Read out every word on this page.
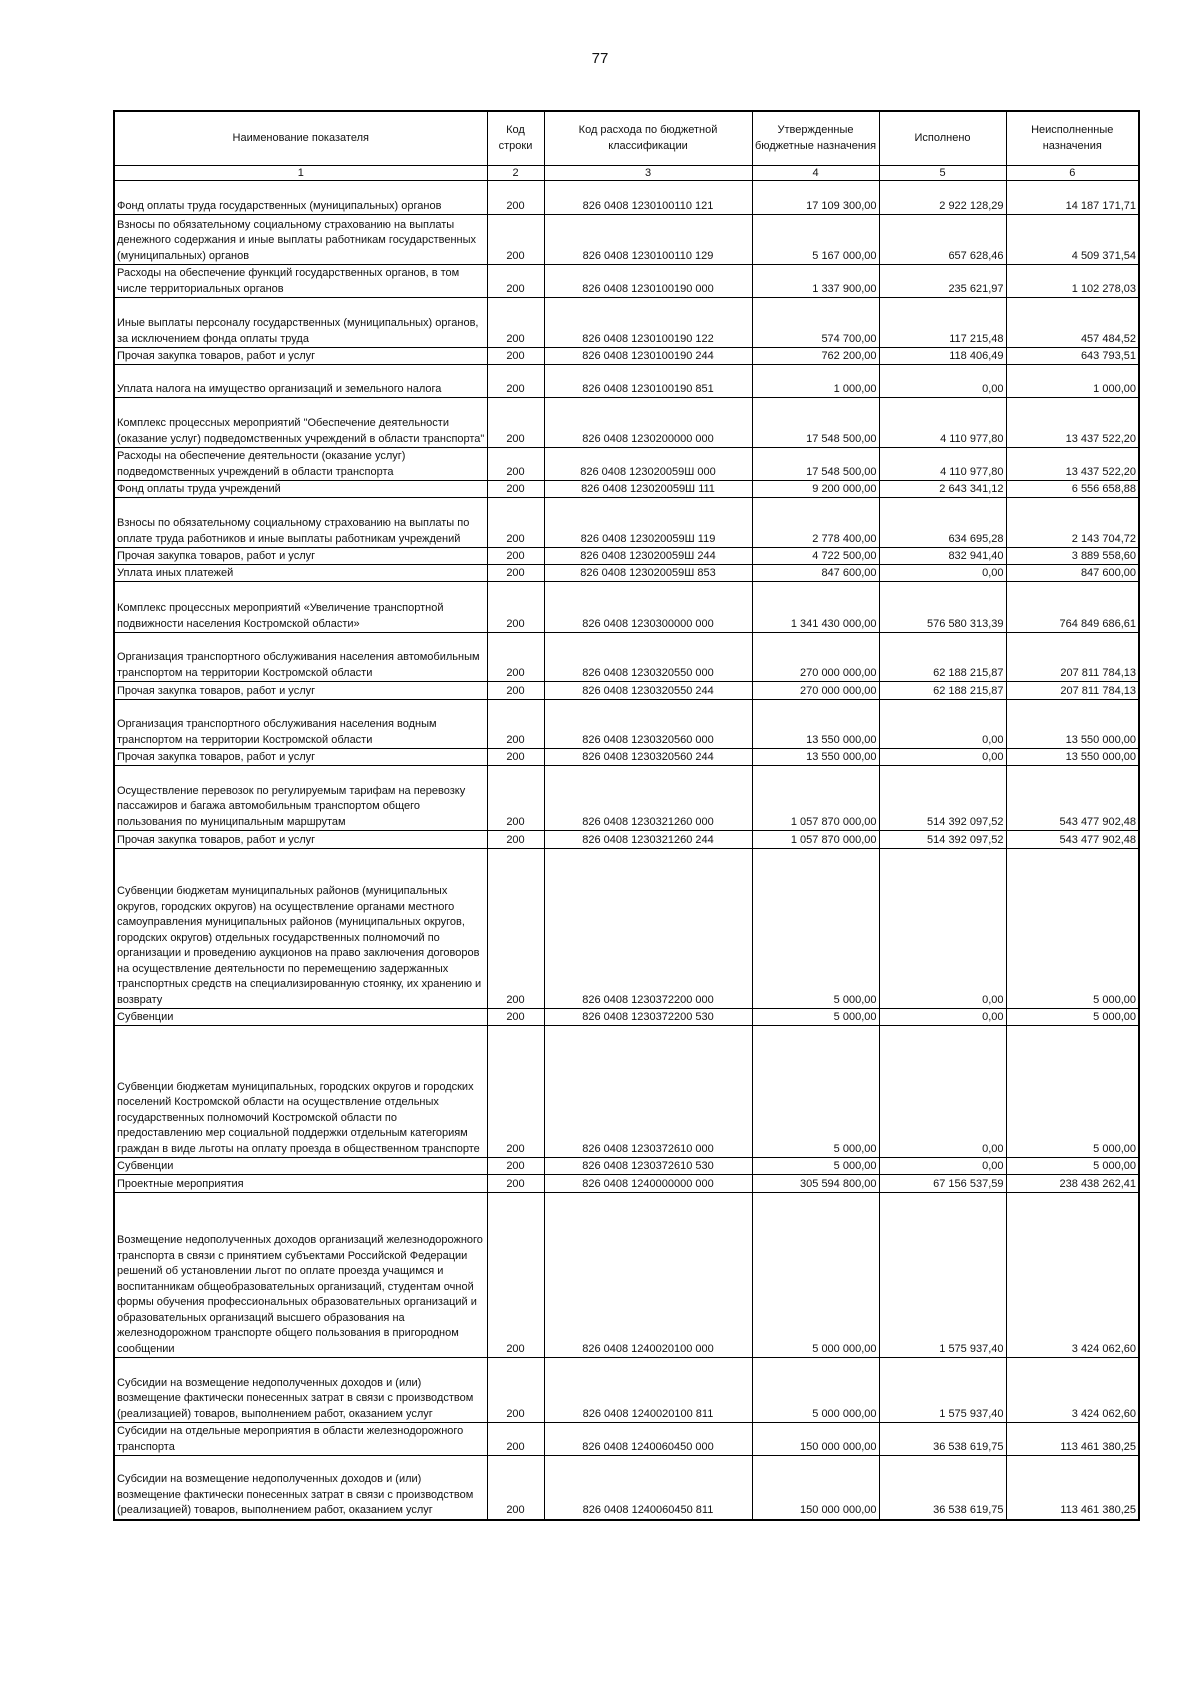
77
Наименование показателя	Код строки	Код расхода по бюджетной классификации	Утвержденные бюджетные назначения	Исполнено	Неисполненные назначения
1	2	3	4	5	6
Фонд оплаты труда государственных (муниципальных) органов	200	826 0408 1230100110 121	17 109 300,00	2 922 128,29	14 187 171,71
Взносы по обязательному социальному страхованию на выплаты денежного содержания и иные выплаты работникам государственных (муниципальных) органов	200	826 0408 1230100110 129	5 167 000,00	657 628,46	4 509 371,54
Расходы на обеспечение функций государственных органов, в том числе территориальных органов	200	826 0408 1230100190 000	1 337 900,00	235 621,97	1 102 278,03
Иные выплаты персоналу государственных (муниципальных) органов, за исключением фонда оплаты труда	200	826 0408 1230100190 122	574 700,00	117 215,48	457 484,52
Прочая закупка товаров, работ и услуг	200	826 0408 1230100190 244	762 200,00	118 406,49	643 793,51
Уплата налога на имущество организаций и земельного налога	200	826 0408 1230100190 851	1 000,00	0,00	1 000,00
Комплекс процессных мероприятий "Обеспечение деятельности (оказание услуг) подведомственных учреждений в области транспорта"	200	826 0408 1230200000 000	17 548 500,00	4 110 977,80	13 437 522,20
Расходы на обеспечение деятельности (оказание услуг) подведомственных учреждений в области транспорта	200	826 0408 123020059Ш 000	17 548 500,00	4 110 977,80	13 437 522,20
Фонд оплаты труда учреждений	200	826 0408 123020059Ш 111	9 200 000,00	2 643 341,12	6 556 658,88
Взносы по обязательному социальному страхованию на выплаты по оплате труда работников и иные выплаты работникам учреждений	200	826 0408 123020059Ш 119	2 778 400,00	634 695,28	2 143 704,72
Прочая закупка товаров, работ и услуг	200	826 0408 123020059Ш 244	4 722 500,00	832 941,40	3 889 558,60
Уплата иных платежей	200	826 0408 123020059Ш 853	847 600,00	0,00	847 600,00
Комплекс процессных мероприятий «Увеличение транспортной подвижности населения Костромской области»	200	826 0408 1230300000 000	1 341 430 000,00	576 580 313,39	764 849 686,61
Организация транспортного обслуживания населения автомобильным транспортом на территории Костромской области	200	826 0408 1230320550 000	270 000 000,00	62 188 215,87	207 811 784,13
Прочая закупка товаров, работ и услуг	200	826 0408 1230320550 244	270 000 000,00	62 188 215,87	207 811 784,13
Организация транспортного обслуживания населения водным транспортом на территории Костромской области	200	826 0408 1230320560 000	13 550 000,00	0,00	13 550 000,00
Прочая закупка товаров, работ и услуг	200	826 0408 1230320560 244	13 550 000,00	0,00	13 550 000,00
Осуществление перевозок по регулируемым тарифам на перевозку пассажиров и багажа автомобильным транспортом общего пользования по муниципальным маршрутам	200	826 0408 1230321260 000	1 057 870 000,00	514 392 097,52	543 477 902,48
Прочая закупка товаров, работ и услуг	200	826 0408 1230321260 244	1 057 870 000,00	514 392 097,52	543 477 902,48
Субвенции бюджетам муниципальных районов (муниципальных округов, городских округов) на осуществление органами местного самоуправления муниципальных районов (муниципальных округов, городских округов) отдельных государственных полномочий по организации и проведению аукционов на право заключения договоров на осуществление деятельности по перемещению задержанных транспортных средств на специализированную стоянку, их хранению и возврату	200	826 0408 1230372200 000	5 000,00	0,00	5 000,00
Субвенции	200	826 0408 1230372200 530	5 000,00	0,00	5 000,00
Субвенции бюджетам муниципальных, городских округов и городских поселений Костромской области на осуществление отдельных государственных полномочий Костромской области по предоставлению мер социальной поддержки отдельным категориям граждан в виде льготы на оплату проезда в общественном транспорте	200	826 0408 1230372610 000	5 000,00	0,00	5 000,00
Субвенции	200	826 0408 1230372610 530	5 000,00	0,00	5 000,00
Проектные мероприятия	200	826 0408 1240000000 000	305 594 800,00	67 156 537,59	238 438 262,41
Возмещение недополученных доходов организаций железнодорожного транспорта в связи с принятием субъектами Российской Федерации решений об установлении льгот по оплате проезда учащимся и воспитанникам общеобразовательных организаций, студентам очной формы обучения профессиональных образовательных организаций и образовательных организаций высшего образования на железнодорожном транспорте общего пользования в пригородном сообщении	200	826 0408 1240020100 000	5 000 000,00	1 575 937,40	3 424 062,60
Субсидии на возмещение недополученных доходов и (или) возмещение фактически понесенных затрат в связи с производством (реализацией) товаров, выполнением работ, оказанием услуг	200	826 0408 1240020100 811	5 000 000,00	1 575 937,40	3 424 062,60
Субсидии на отдельные мероприятия в области железнодорожного транспорта	200	826 0408 1240060450 000	150 000 000,00	36 538 619,75	113 461 380,25
Субсидии на возмещение недополученных доходов и (или) возмещение фактически понесенных затрат в связи с производством (реализацией) товаров, выполнением работ, оказанием услуг	200	826 0408 1240060450 811	150 000 000,00	36 538 619,75	113 461 380,25
